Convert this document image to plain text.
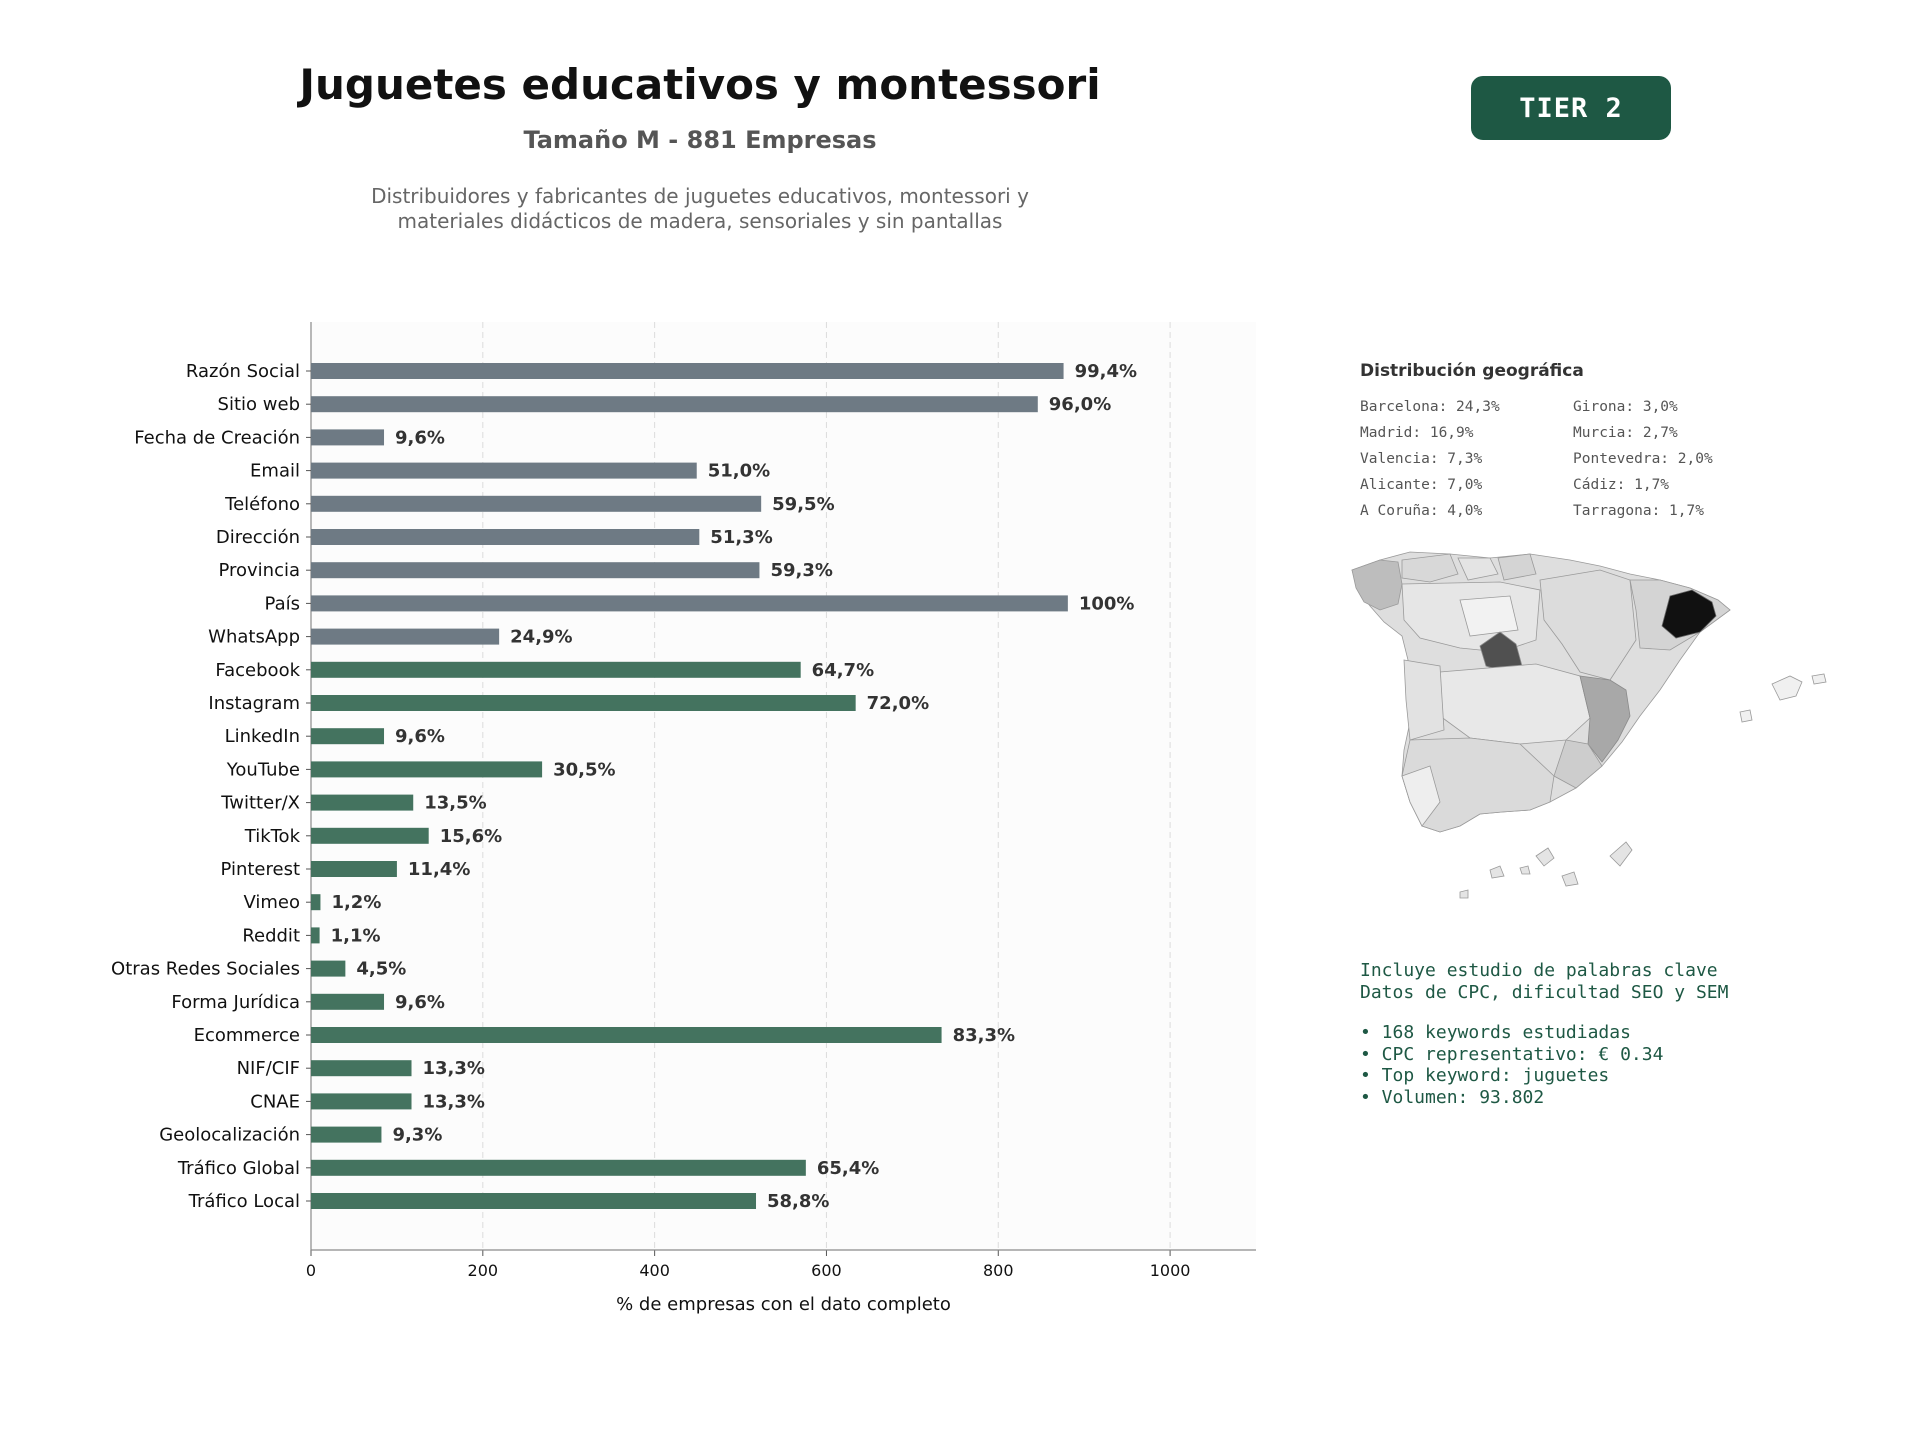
Juguetes educativos y montessori
Tamaño M - 881 Empresas
Distribuidores y fabricantes de juguetes educativos, montessori y
materiales didácticos de madera, sensoriales y sin pantallas
TIER 2
0	200	400	600	800	1000
Razón Social	99,4%
Sitio web	96,0%
Fecha de Creación	9,6%
Email	51,0%
Teléfono	59,5%
Dirección	51,3%
Provincia	59,3%
País	100%
WhatsApp	24,9%
Facebook	64,7%
Instagram	72,0%
LinkedIn	9,6%
YouTube	30,5%
Twitter/X	13,5%
TikTok	15,6%
Pinterest	11,4%
Vimeo 1,2%
Reddit 1,1%
Otras Redes Sociales	4,5%
Forma Jurídica	9,6%
Ecommerce	83,3%
NIF/CIF	13,3%
CNAE	13,3%
Geolocalización	9,3%
Tráfico Global	65,4%
Tráfico Local	58,8%
% de empresas con el dato completo
Distribución geográfica
Barcelona: 24,3%	Girona: 3,0%
Madrid: 16,9%	Murcia: 2,7%
Valencia: 7,3%	Pontevedra: 2,0%
Alicante: 7,0%	Cádiz: 1,7%
A Coruña: 4,0%	Tarragona: 1,7%
Incluye estudio de palabras clave
Datos de CPC, dificultad SEO y SEM
• 168 keywords estudiadas
• CPC representativo: € 0.34
• Top keyword: juguetes
• Volumen: 93.802
